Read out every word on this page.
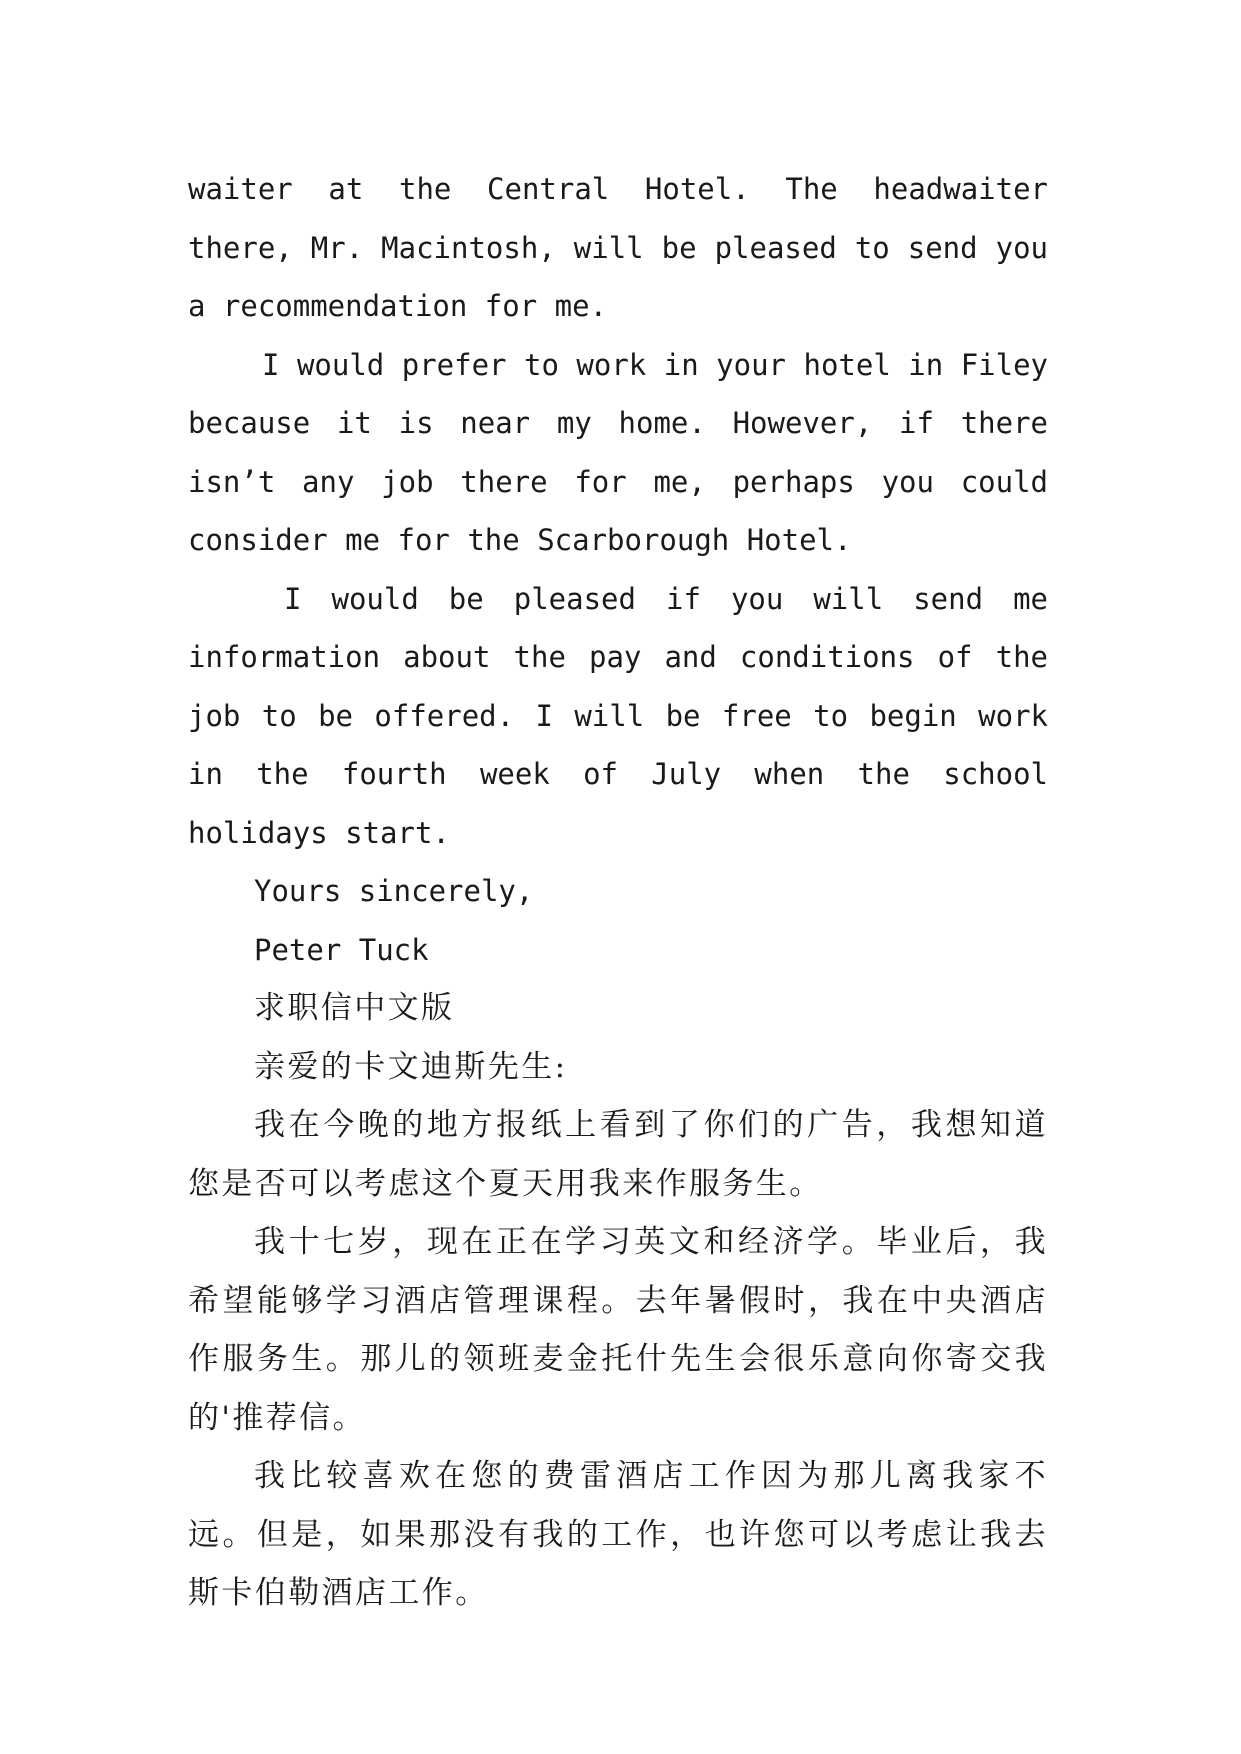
waiter at the Central Hotel. The headwaiter there, Mr. Macintosh, will be pleased to send you a recommendation for me.

I would prefer to work in your hotel in Filey because it is near my home. However, if there isn’t any job there for me, perhaps you could consider me for the Scarborough Hotel.

I would be pleased if you will send me information about the pay and conditions of the job to be offered. I will be free to begin work in the fourth week of July when the school holidays start.

Yours sincerely,

Peter Tuck

求职信中文版

亲爱的卡文迪斯先生:

我在今晚的地方报纸上看到了你们的广告，我想知道您是否可以考虑这个夏天用我来作服务生。

我十七岁，现在正在学习英文和经济学。毕业后，我希望能够学习酒店管理课程。去年暑假时，我在中央酒店作服务生。那儿的领班麦金托什先生会很乐意向你寄交我的'推荐信。

我比较喜欢在您的费雷酒店工作因为那儿离我家不远。但是，如果那没有我的工作，也许您可以考虑让我去斯卡伯勒酒店工作。
